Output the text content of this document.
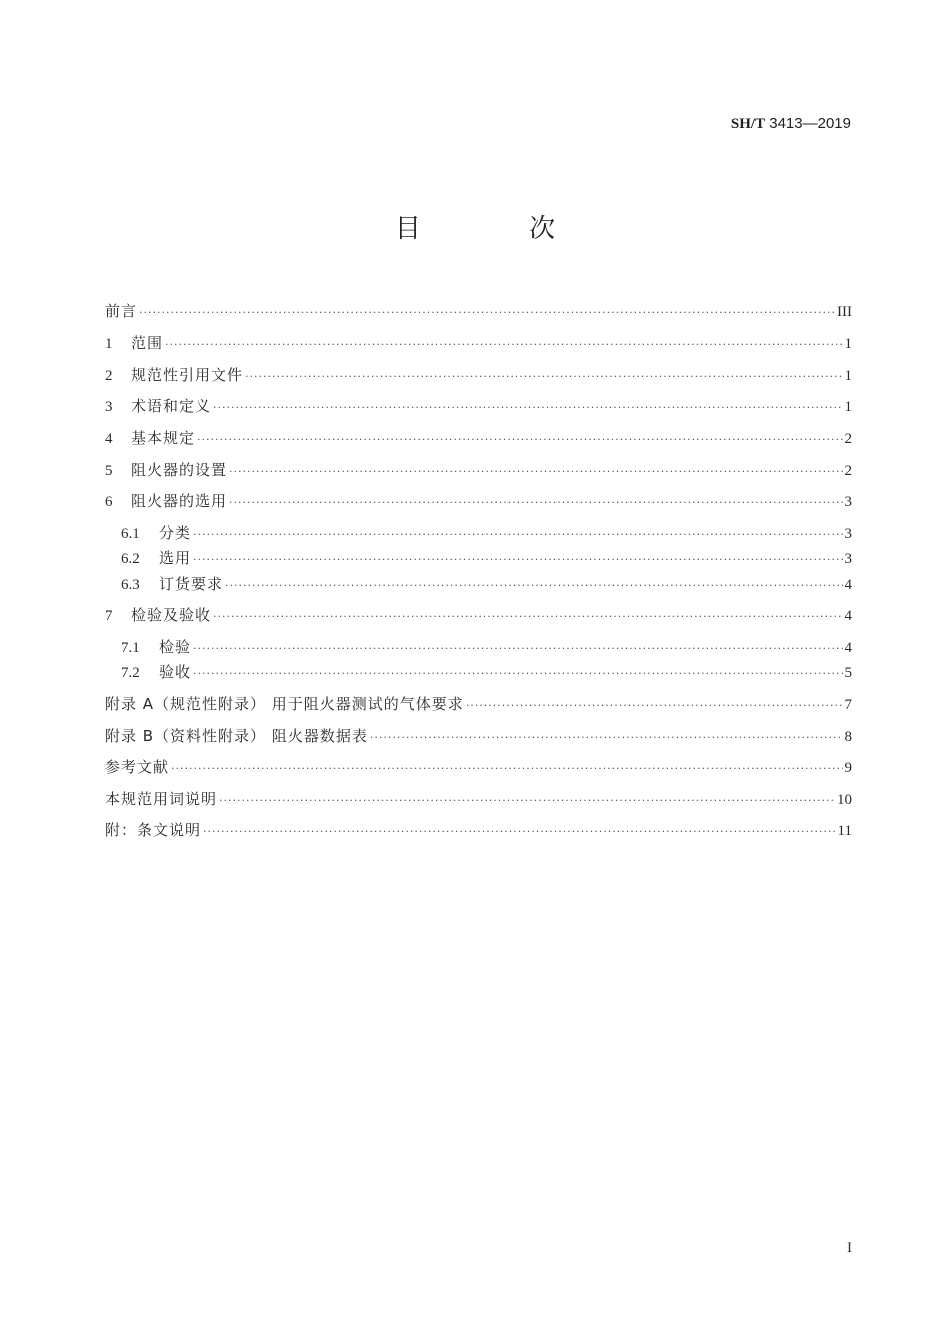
SH/T 3413—2019
目 次
前言 ·····	III
1	范围 ·····	1
2	规范性引用文件 ·····	1
3	术语和定义 ·····	1
4	基本规定 ·····	2
5	阻火器的设置 ·····	2
6	阻火器的选用 ·····	3
6.1	分类 ·····	3
6.2	选用 ·····	3
6.3	订货要求 ·····	4
7	检验及验收 ·····	4
7.1	检验 ·····	4
7.2	验收 ·····	5
附录 A（规范性附录） 用于阻火器测试的气体要求 ·····	7
附录 B（资料性附录） 阻火器数据表 ·····	8
参考文献 ·····	9
本规范用词说明 ·····	10
附：条文说明 ·····	11
I
